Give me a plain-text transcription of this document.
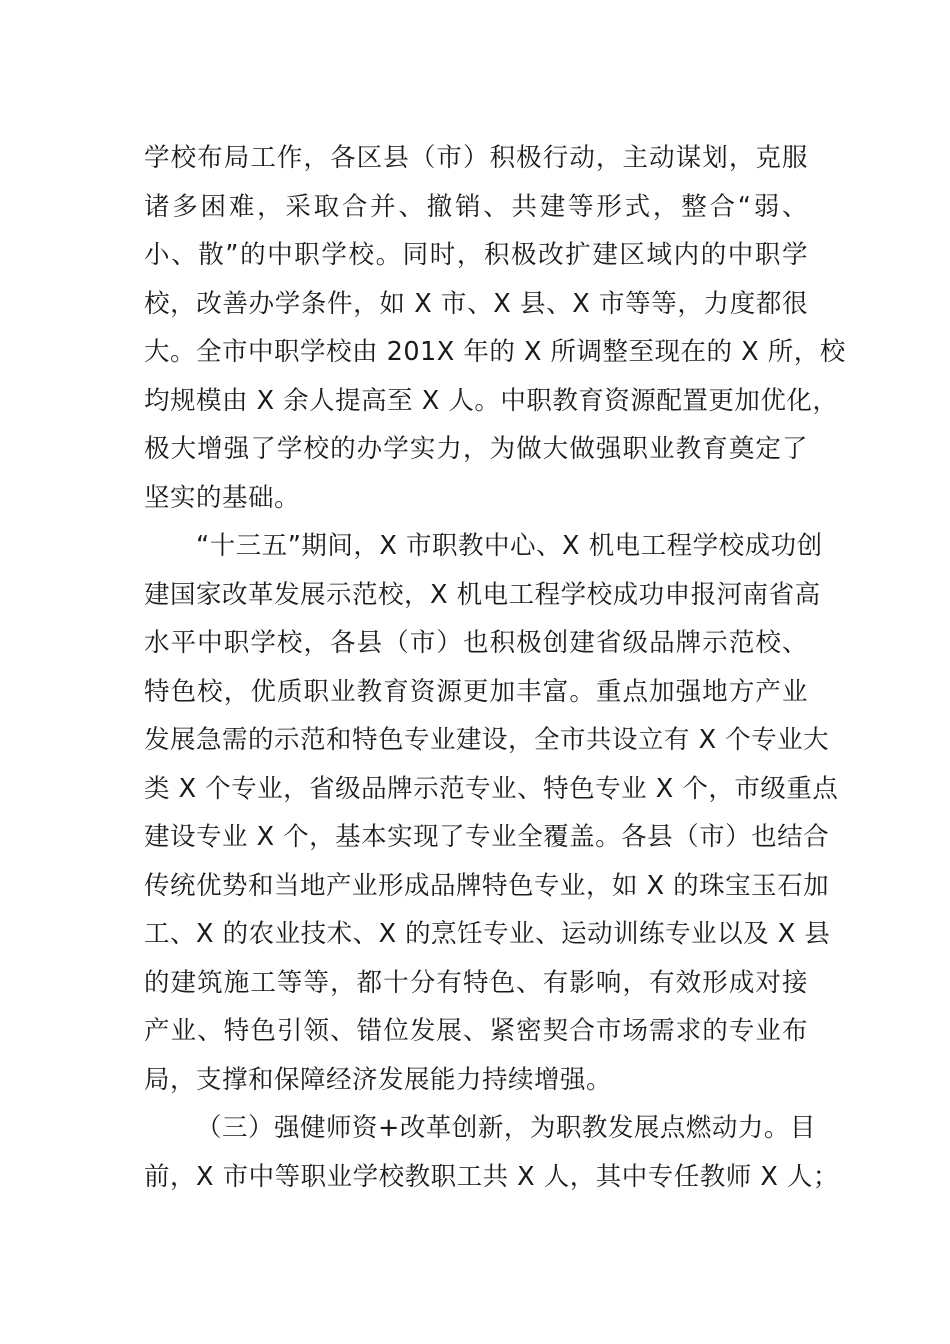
学校布局工作，各区县（市）积极行动，主动谋划，克服
诸多困难，采取合并、撤销、共建等形式，整合“弱、
小、散”的中职学校。同时，积极改扩建区域内的中职学
校，改善办学条件，如 X 市、X 县、X 市等等，力度都很
大。全市中职学校由 201X 年的 X 所调整至现在的 X 所，校
均规模由 X 余人提高至 X 人。中职教育资源配置更加优化，
极大增强了学校的办学实力，为做大做强职业教育奠定了
坚实的基础。
“十三五”期间，X 市职教中心、X 机电工程学校成功创
建国家改革发展示范校，X 机电工程学校成功申报河南省高
水平中职学校，各县（市）也积极创建省级品牌示范校、
特色校，优质职业教育资源更加丰富。重点加强地方产业
发展急需的示范和特色专业建设，全市共设立有 X 个专业大
类 X 个专业，省级品牌示范专业、特色专业 X 个，市级重点
建设专业 X 个，基本实现了专业全覆盖。各县（市）也结合
传统优势和当地产业形成品牌特色专业，如 X 的珠宝玉石加
工、X 的农业技术、X 的烹饪专业、运动训练专业以及 X 县
的建筑施工等等，都十分有特色、有影响，有效形成对接
产业、特色引领、错位发展、紧密契合市场需求的专业布
局，支撑和保障经济发展能力持续增强。
（三）强健师资+改革创新，为职教发展点燃动力。目
前，X 市中等职业学校教职工共 X 人，其中专任教师 X 人；
